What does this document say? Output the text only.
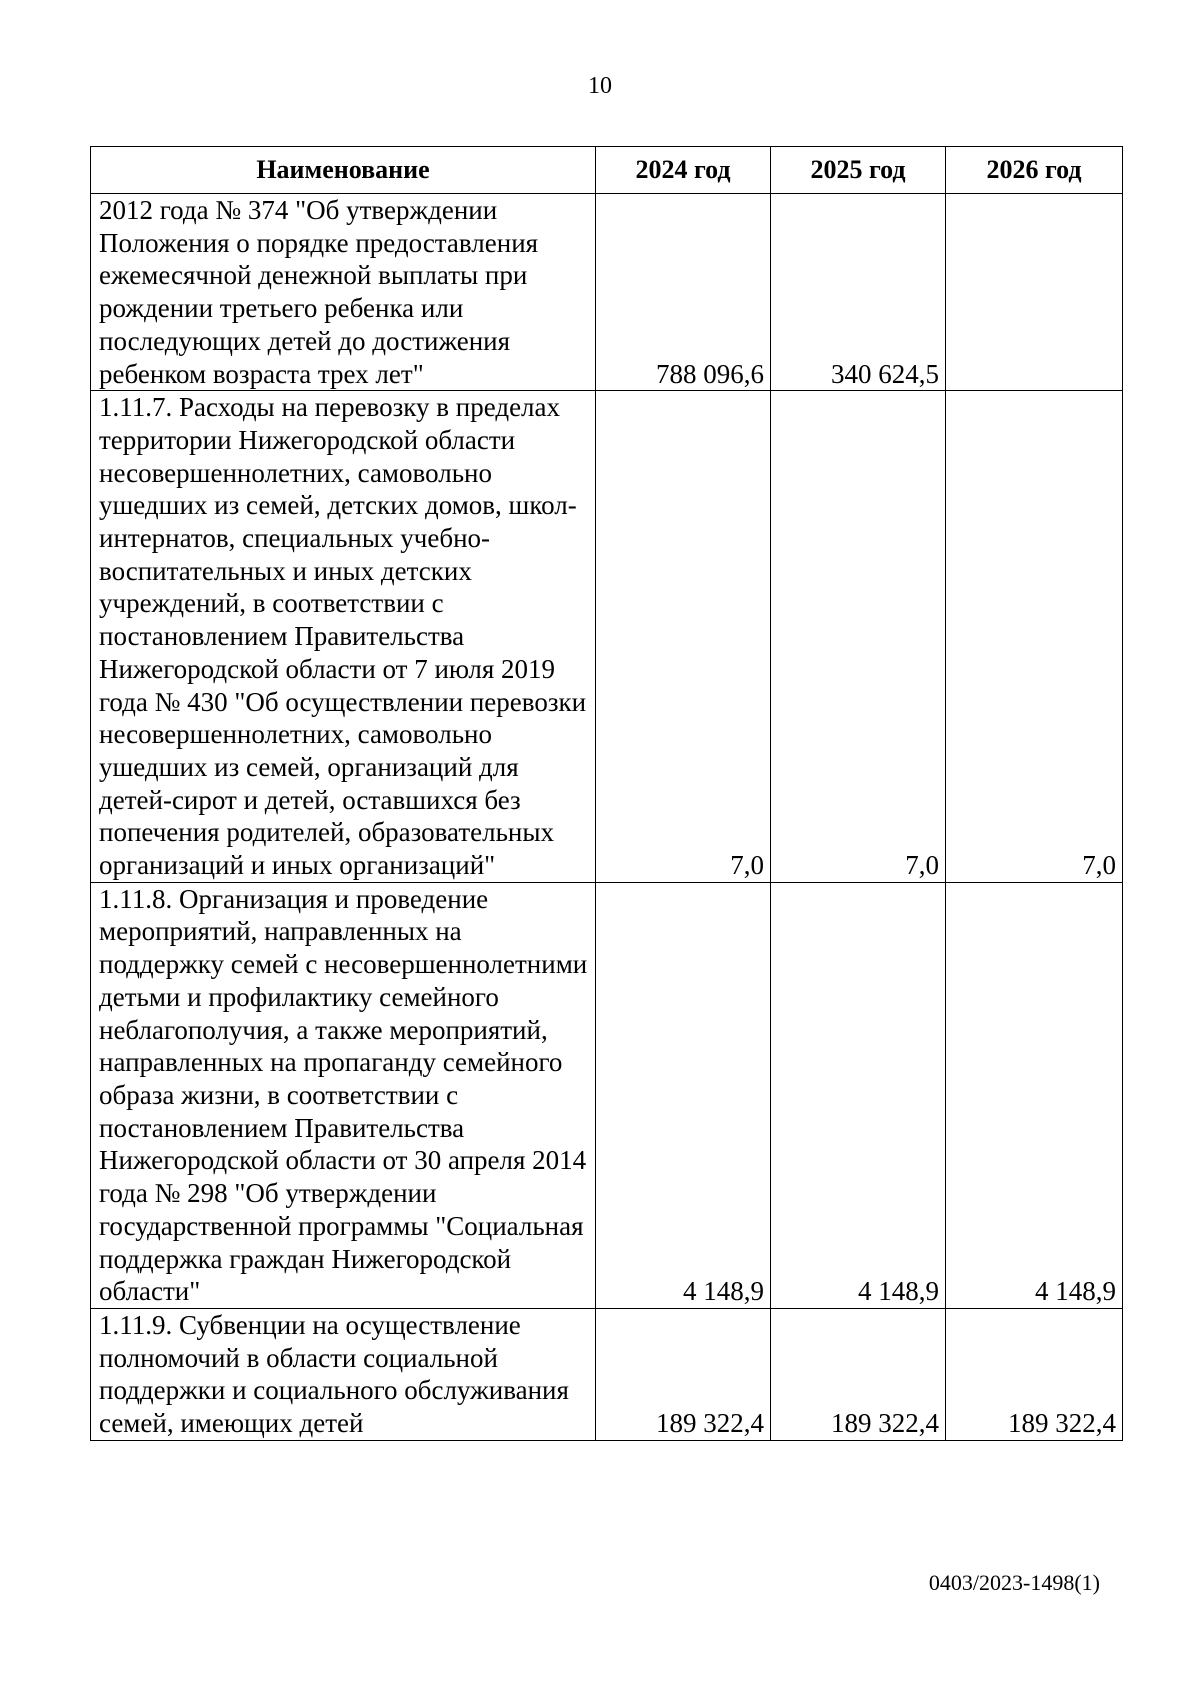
10
Наименование	2024 год	2025 год	2026 год
2012 года № 374 "Об утверждении Положения о порядке предоставления ежемесячной денежной выплаты при рождении третьего ребенка или последующих детей до достижения ребенком возраста трех лет"	788 096,6	340 624,5	
1.11.7. Расходы на перевозку в пределах территории Нижегородской области несовершеннолетних, самовольно ушедших из семей, детских домов, школ-интернатов, специальных учебно-воспитательных и иных детских учреждений, в соответствии с постановлением Правительства Нижегородской области от 7 июля 2019 года № 430 "Об осуществлении перевозки несовершеннолетних, самовольно ушедших из семей, организаций для детей-сирот и детей, оставшихся без попечения родителей, образовательных организаций и иных организаций"	7,0	7,0	7,0
1.11.8. Организация и проведение мероприятий, направленных на поддержку семей с несовершеннолетними детьми и профилактику семейного неблагополучия, а также мероприятий, направленных на пропаганду семейного образа жизни, в соответствии с постановлением Правительства Нижегородской области от 30 апреля 2014 года № 298 "Об утверждении государственной программы "Социальная поддержка граждан Нижегородской области"	4 148,9	4 148,9	4 148,9
1.11.9. Субвенции на осуществление полномочий в области социальной поддержки и социального обслуживания семей, имеющих детей	189 322,4	189 322,4	189 322,4
0403/2023-1498(1)
